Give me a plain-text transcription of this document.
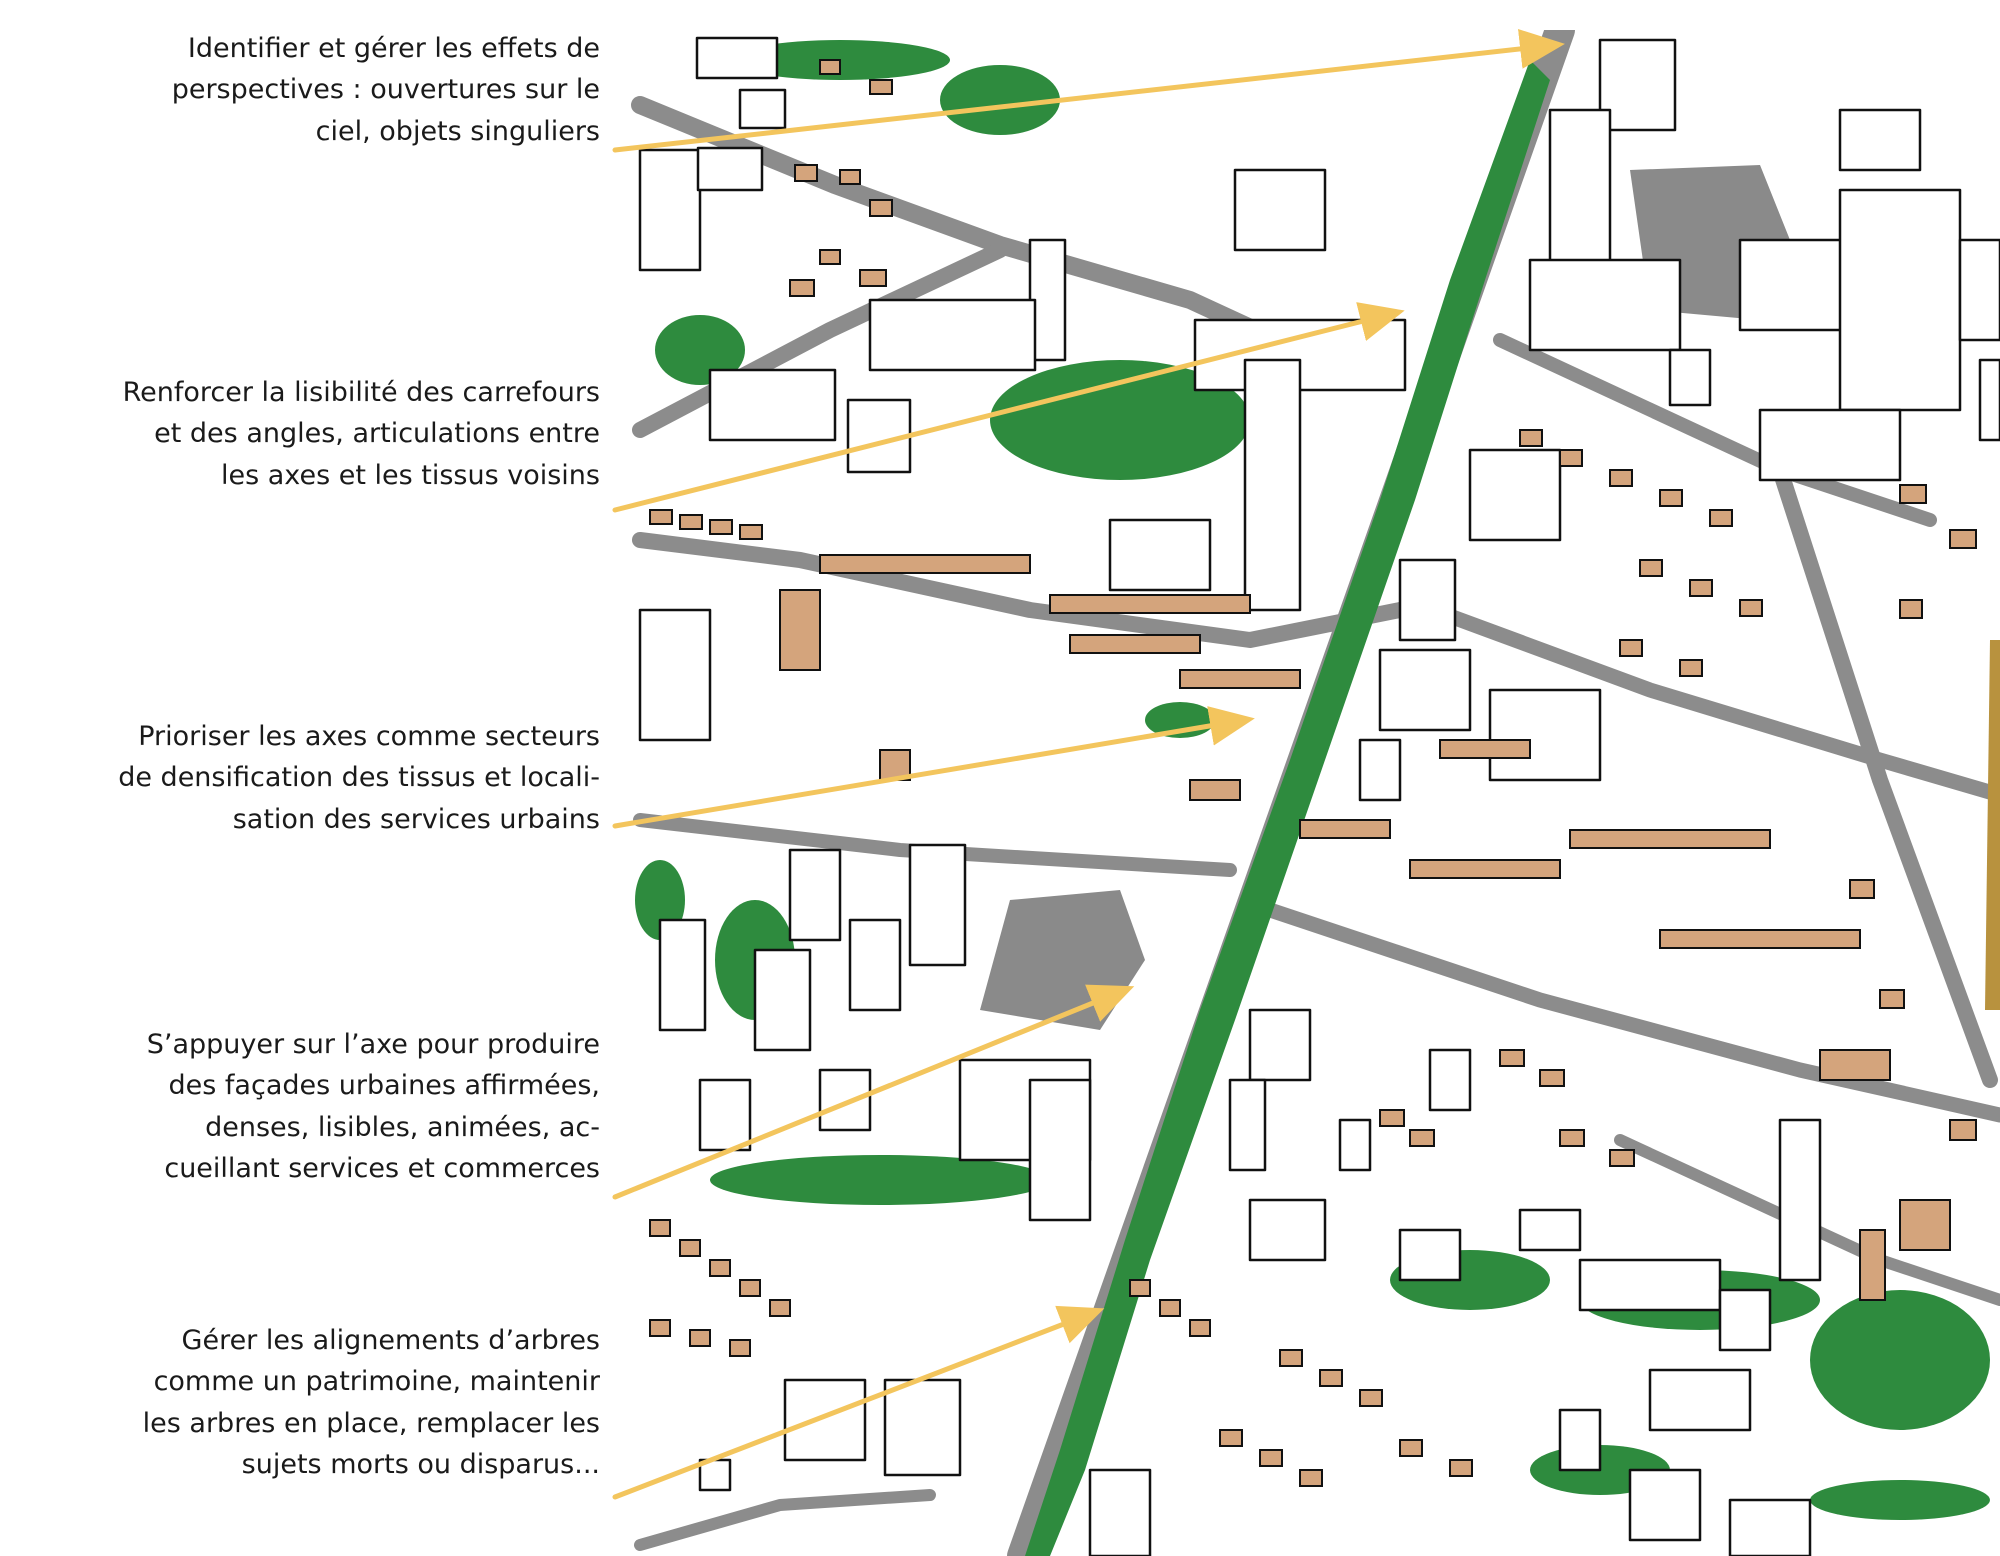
Identifier et gérer les effets de
perspectives : ouvertures sur le
ciel, objets singuliers

Renforcer la lisibilité des carrefours
et des angles, articulations entre
les axes et les tissus voisins

Prioriser les axes comme secteurs
de densification des tissus et locali-
sation des services urbains

S’appuyer sur l’axe pour produire
des façades urbaines affirmées,
denses, lisibles, animées, ac-
cueillant services et commerces

Gérer les alignements d’arbres
comme un patrimoine, maintenir
les arbres en place, remplacer les
sujets morts ou disparus...
